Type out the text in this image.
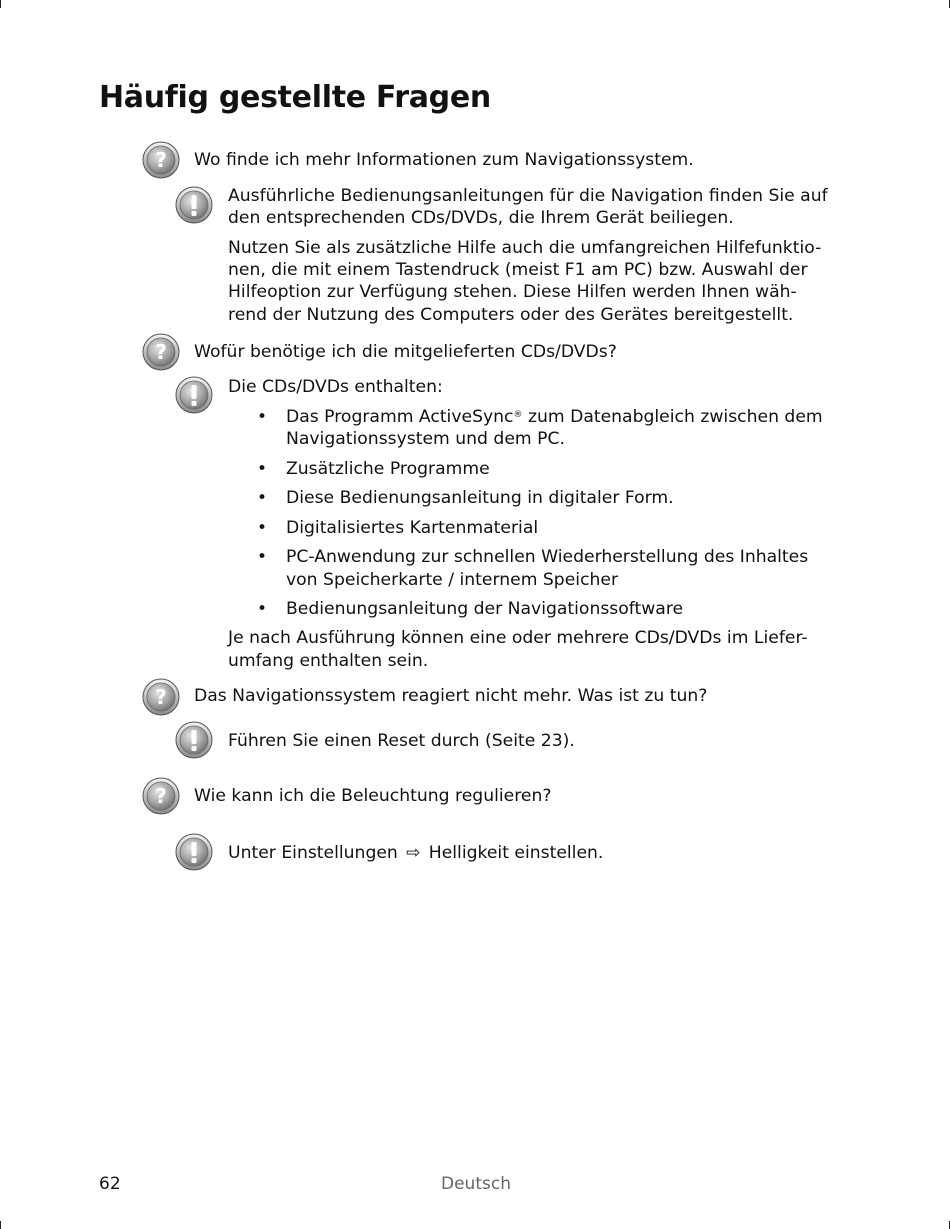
Häufig gestellte Fragen
? Wo finde ich mehr Informationen zum Navigationssystem.
Ausführliche Bedienungsanleitungen für die Navigation finden Sie auf
den entsprechenden CDs/DVDs, die Ihrem Gerät beiliegen.
Nutzen Sie als zusätzliche Hilfe auch die umfangreichen Hilfefunktio-
nen, die mit einem Tastendruck (meist F1 am PC) bzw. Auswahl der
Hilfeoption zur Verfügung stehen. Diese Hilfen werden Ihnen wäh-
rend der Nutzung des Computers oder des Gerätes bereitgestellt.
? Wofür benötige ich die mitgelieferten CDs/DVDs?
Die CDs/DVDs enthalten:
• Das Programm ActiveSync® zum Datenabgleich zwischen dem
Navigationssystem und dem PC.
• Zusätzliche Programme
• Diese Bedienungsanleitung in digitaler Form.
• Digitalisiertes Kartenmaterial
• PC-Anwendung zur schnellen Wiederherstellung des Inhaltes
von Speicherkarte / internem Speicher
• Bedienungsanleitung der Navigationssoftware
Je nach Ausführung können eine oder mehrere CDs/DVDs im Liefer-
umfang enthalten sein.
? Das Navigationssystem reagiert nicht mehr. Was ist zu tun?
Führen Sie einen Reset durch (Seite 23).
? Wie kann ich die Beleuchtung regulieren?
Unter Einstellungen ⇨ Helligkeit einstellen.
62	Deutsch
